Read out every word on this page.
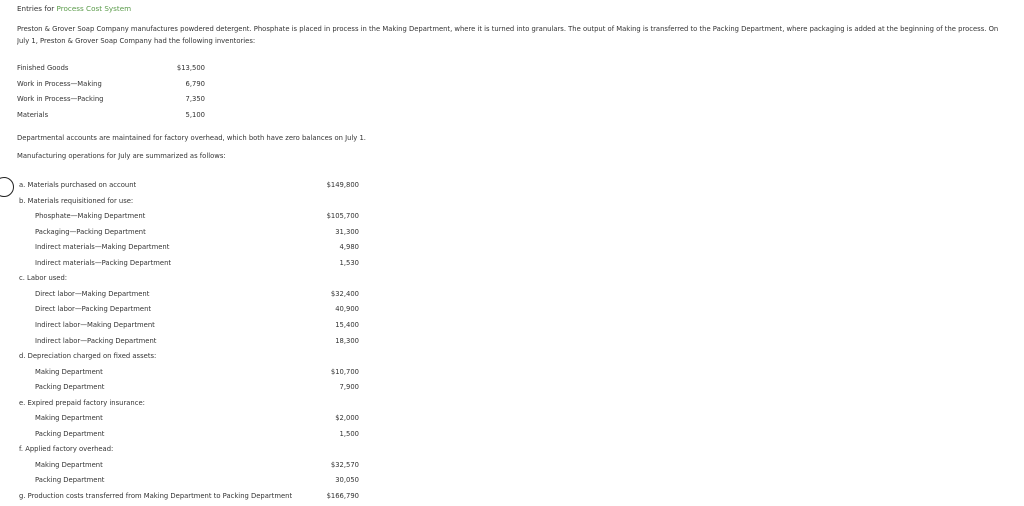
Entries for Process Cost System
Preston & Grover Soap Company manufactures powdered detergent. Phosphate is placed in process in the Making Department, where it is turned into granulars. The output of Making is transferred to the Packing Department, where packaging is added at the beginning of the process. On
July 1, Preston & Grover Soap Company had the following inventories:
Finished Goods	$13,500
Work in Process—Making	6,790
Work in Process—Packing	7,350
Materials	5,100
Departmental accounts are maintained for factory overhead, which both have zero balances on July 1.
Manufacturing operations for July are summarized as follows:
a. Materials purchased on account	$149,800
b. Materials requisitioned for use:
Phosphate—Making Department	$105,700
Packaging—Packing Department	31,300
Indirect materials—Making Department	4,980
Indirect materials—Packing Department	1,530
c. Labor used:
Direct labor—Making Department	$32,400
Direct labor—Packing Department	40,900
Indirect labor—Making Department	15,400
Indirect labor—Packing Department	18,300
d. Depreciation charged on fixed assets:
Making Department	$10,700
Packing Department	7,900
e. Expired prepaid factory insurance:
Making Department	$2,000
Packing Department	1,500
f. Applied factory overhead:
Making Department	$32,570
Packing Department	30,050
g. Production costs transferred from Making Department to Packing Department	$166,790
